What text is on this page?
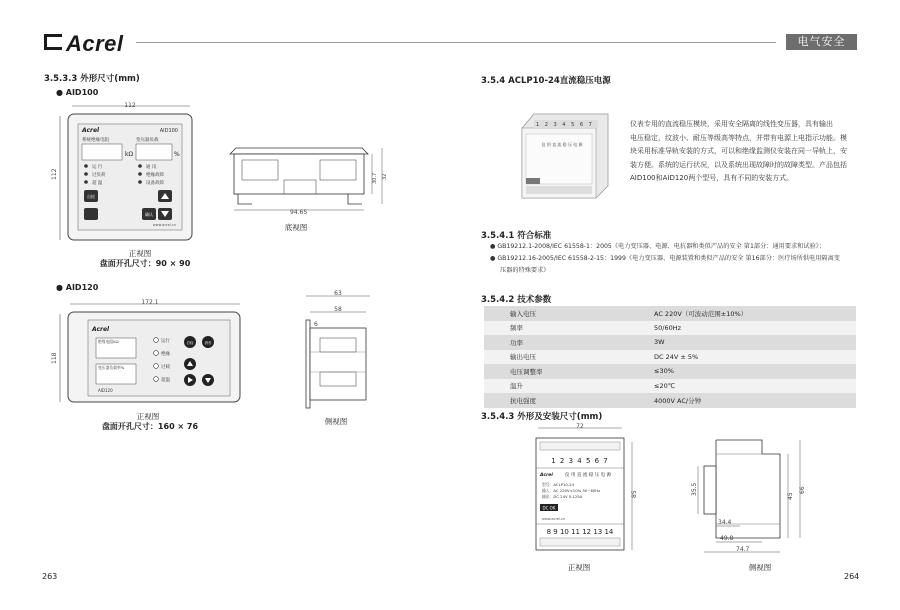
Acrel	电气安全
3.5.3.3 外形尺寸(mm)
● AID100
112
112
Acrel	AID100
系统绝缘电阻	变压器负载
kΩ	%
运 行
过负荷
超 温
通 讯
绝缘故障
设备故障
自检
确认
www.acrel.cn
正视图
盘面开孔尺寸：90 × 90
94.65
30.7 32
底视图
● AID120
172.1
118
Acrel
绝缘电阻KΩ
变压器负载率%
AID120
运行
绝缘
过载
超温
自检	消音
正视图
盘面开孔尺寸：160 × 76
63
58
6
侧视图
263
3.5.4 ACLP10-24直流稳压电源
1 2 3 4 5 6 7
仪 用 直 流 稳 压 电 源
仪表专用的直流稳压模块，采用安全隔离的线性变压器，具有输出
电压稳定，纹波小、耐压等级高等特点，并带有电源上电指示功能。模
块采用标准导轨安装的方式，可以和绝缘监测仪安装在同一导轨上，安
装方便。系统的运行状况，以及系统出现故障时的故障类型。产品包括
AID100和AID120两个型号，具有不同的安装方式。
3.5.4.1 符合标准
● GB19212.1-2008/IEC 61558-1：2005《电力变压器、电源、电抗器和类似产品的安全 第1部分：通用要求和试验》；
● GB19212.16-2005/IEC 61558-2-15：1999《电力变压器、电源装置和类似产品的安全 第16部分：医疗场所供电用隔离变
压器的特殊要求》
3.5.4.2 技术参数
输入电压	AC 220V（可波动范围±10%）
频率	50/60Hz
功率	3W
输出电压	DC 24V ± 5%
电压调整率	≤30%
温升	≤20℃
抗电强度	4000V AC/分钟
3.5.4.3 外形及安装尺寸(mm)
72
85
1 2 3 4 5 6 7
Acrel	仪 用 直 流 稳 压 电 源
型号：ACLP10-24
输入：AC 220V±10% 50~60Hz
输出：DC 24V 0.125A
DC OK
www.acrel.cn
8 9 10 11 12 13 14
正视图
35.5
45
66
34.4
49.8
74.7
侧视图
264
